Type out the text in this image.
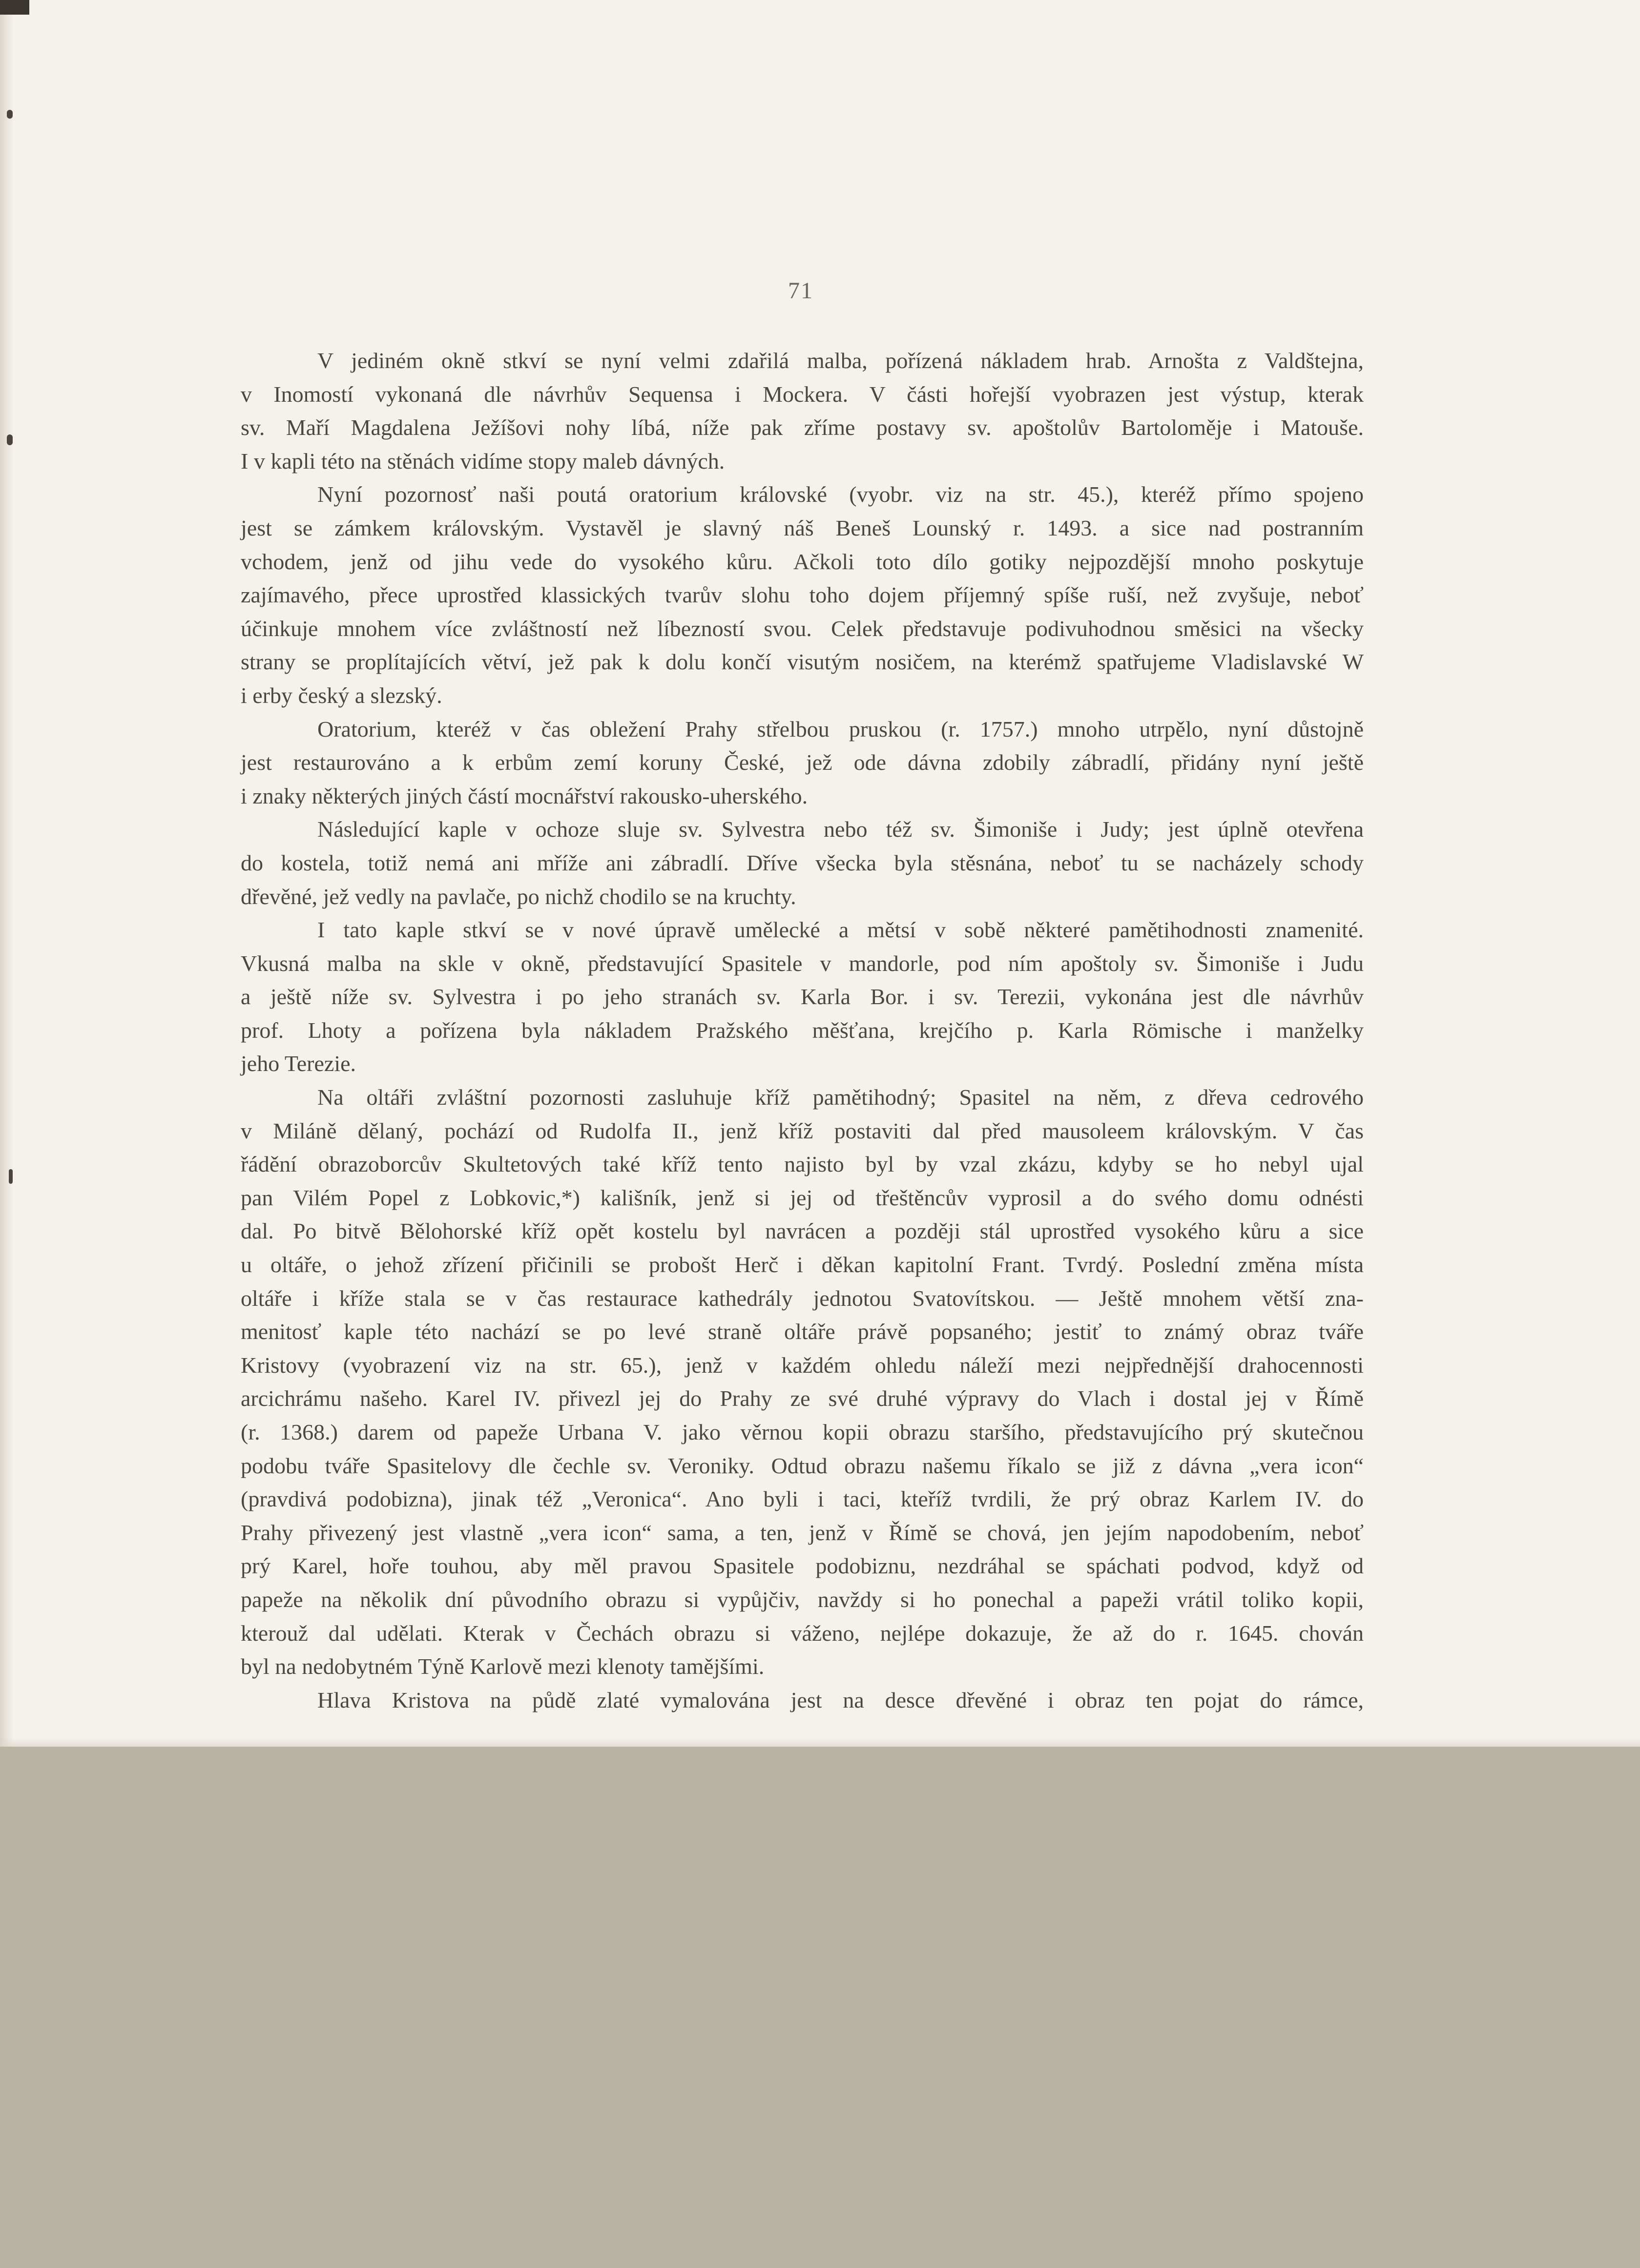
71
V jediném okně stkví se nyní velmi zdařilá malba, pořízená nákladem hrab. Arnošta z Valdštejna,
v Inomostí vykonaná dle návrhův Sequensa i Mockera. V části hořejší vyobrazen jest výstup, kterak
sv. Maří Magdalena Ježíšovi nohy líbá, níže pak zříme postavy sv. apoštolův Bartoloměje i Matouše.
I v kapli této na stěnách vidíme stopy maleb dávných.
Nyní pozornosť naši poutá oratorium královské (vyobr. viz na str. 45.), kteréž přímo spojeno
jest se zámkem královským. Vystavěl je slavný náš Beneš Lounský r. 1493. a sice nad postranním
vchodem, jenž od jihu vede do vysokého kůru. Ačkoli toto dílo gotiky nejpozdější mnoho poskytuje
zajímavého, přece uprostřed klassických tvarův slohu toho dojem příjemný spíše ruší, než zvyšuje, neboť
účinkuje mnohem více zvláštností než líbezností svou. Celek představuje podivuhodnou směsici na všecky
strany se proplítajících větví, jež pak k dolu končí visutým nosičem, na kterémž spatřujeme Vladislavské W
i erby český a slezský.
Oratorium, kteréž v čas obležení Prahy střelbou pruskou (r. 1757.) mnoho utrpělo, nyní důstojně
jest restaurováno a k erbům zemí koruny České, jež ode dávna zdobily zábradlí, přidány nyní ještě
i znaky některých jiných částí mocnářství rakousko-uherského.
Následující kaple v ochoze sluje sv. Sylvestra nebo též sv. Šimoniše i Judy; jest úplně otevřena
do kostela, totiž nemá ani mříže ani zábradlí. Dříve všecka byla stěsnána, neboť tu se nacházely schody
dřevěné, jež vedly na pavlače, po nichž chodilo se na kruchty.
I tato kaple stkví se v nové úpravě umělecké a mětsí v sobě některé pamětihodnosti znamenité.
Vkusná malba na skle v okně, představující Spasitele v mandorle, pod ním apoštoly sv. Šimoniše i Judu
a ještě níže sv. Sylvestra i po jeho stranách sv. Karla Bor. i sv. Terezii, vykonána jest dle návrhův
prof. Lhoty a pořízena byla nákladem Pražského měšťana, krejčího p. Karla Römische i manželky
jeho Terezie.
Na oltáři zvláštní pozornosti zasluhuje kříž pamětihodný; Spasitel na něm, z dřeva cedrového
v Miláně dělaný, pochází od Rudolfa II., jenž kříž postaviti dal před mausoleem královským. V čas
řádění obrazoborcův Skultetových také kříž tento najisto byl by vzal zkázu, kdyby se ho nebyl ujal
pan Vilém Popel z Lobkovic,*) kališník, jenž si jej od třeštěncův vyprosil a do svého domu odnésti
dal. Po bitvě Bělohorské kříž opět kostelu byl navrácen a později stál uprostřed vysokého kůru a sice
u oltáře, o jehož zřízení přičinili se probošt Herč i děkan kapitolní Frant. Tvrdý. Poslední změna místa
oltáře i kříže stala se v čas restaurace kathedrály jednotou Svatovítskou. — Ještě mnohem větší zna-
menitosť kaple této nachází se po levé straně oltáře právě popsaného; jestiť to známý obraz tváře
Kristovy (vyobrazení viz na str. 65.), jenž v každém ohledu náleží mezi nejpřednější drahocennosti
arcichrámu našeho. Karel IV. přivezl jej do Prahy ze své druhé výpravy do Vlach i dostal jej v Římě
(r. 1368.) darem od papeže Urbana V. jako věrnou kopii obrazu staršího, představujícího prý skutečnou
podobu tváře Spasitelovy dle čechle sv. Veroniky. Odtud obrazu našemu říkalo se již z dávna „vera icon“
(pravdivá podobizna), jinak též „Veronica“. Ano byli i taci, kteříž tvrdili, že prý obraz Karlem IV. do
Prahy přivezený jest vlastně „vera icon“ sama, a ten, jenž v Římě se chová, jen jejím napodobením, neboť
prý Karel, hoře touhou, aby měl pravou Spasitele podobiznu, nezdráhal se spáchati podvod, když od
papeže na několik dní původního obrazu si vypůjčiv, navždy si ho ponechal a papeži vrátil toliko kopii,
kterouž dal udělati. Kterak v Čechách obrazu si váženo, nejlépe dokazuje, že až do r. 1645. chován
byl na nedobytném Týně Karlově mezi klenoty tamějšími.
Hlava Kristova na půdě zlaté vymalována jest na desce dřevěné i obraz ten pojat do rámce,
